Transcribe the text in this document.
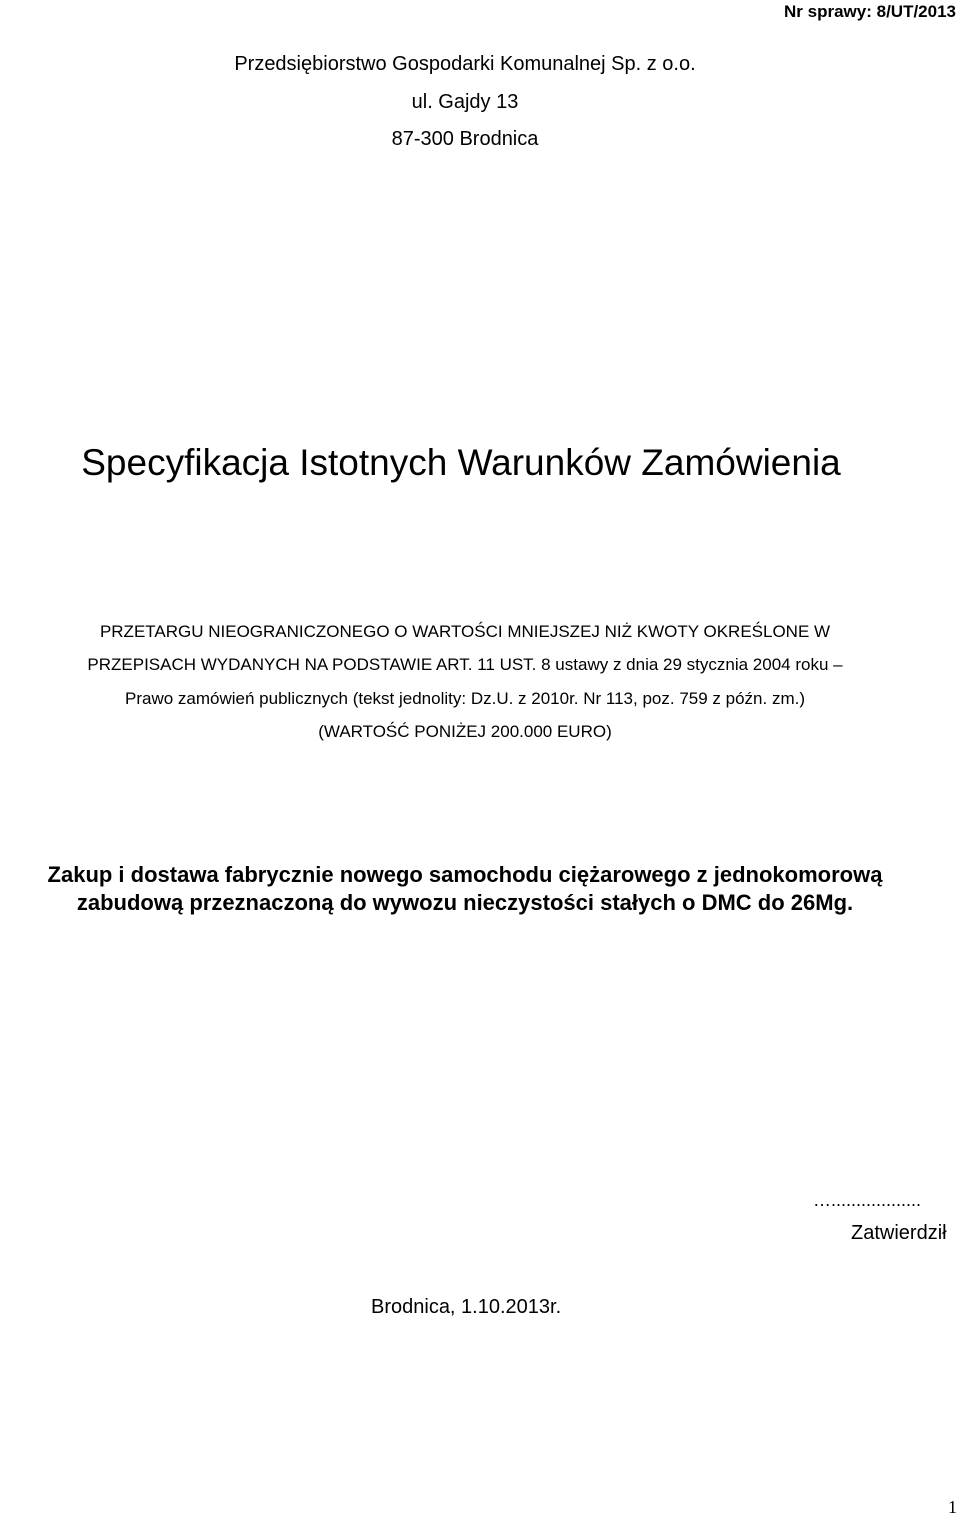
Nr sprawy: 8/UT/2013
Przedsiębiorstwo Gospodarki Komunalnej Sp. z o.o.
ul. Gajdy 13
87-300 Brodnica
Specyfikacja Istotnych Warunków Zamówienia
PRZETARGU NIEOGRANICZONEGO O WARTOŚCI MNIEJSZEJ NIŻ KWOTY OKREŚLONE W
PRZEPISACH WYDANYCH NA PODSTAWIE ART. 11 UST. 8 ustawy z dnia 29 stycznia 2004 roku –
Prawo zamówień publicznych (tekst jednolity: Dz.U. z 2010r. Nr 113, poz. 759 z późn. zm.)
(WARTOŚĆ PONIŻEJ 200.000 EURO)
Zakup i dostawa fabrycznie nowego samochodu ciężarowego z jednokomorową
zabudową przeznaczoną do wywozu nieczystości stałych o DMC do 26Mg.
…..................
Zatwierdził
Brodnica, 1.10.2013r.
1
